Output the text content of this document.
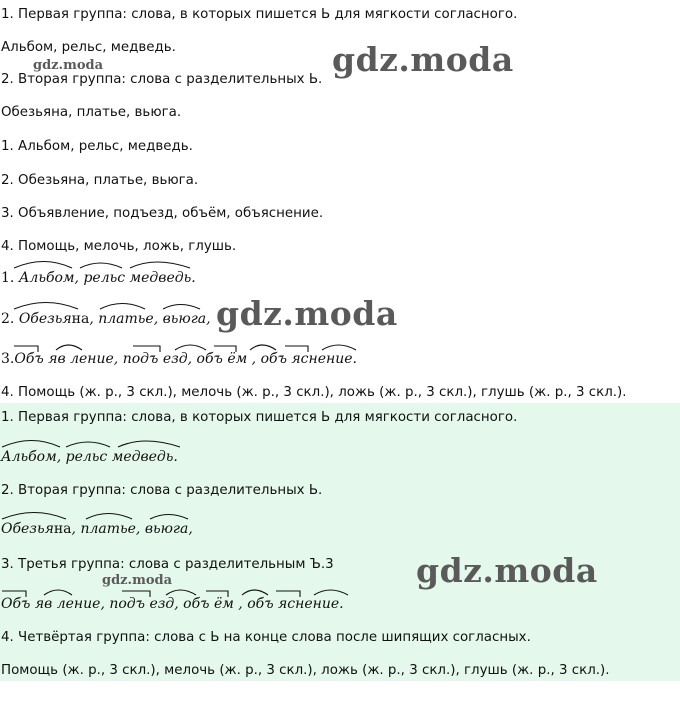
1. Первая группа: слова, в которых пишется Ь для мягкости согласного.
Альбом, рельс, медведь.
2. Вторая группа: слова с разделительных Ь.
Обезьяна, платье, вьюга.
1. Альбом, рельс, медведь.
2. Обезьяна, платье, вьюга.
3. Объявление, подъезд, объём, объяснение.
4. Помощь, мелочь, ложь, глушь.
1. Альбом, рельс медведь.
2. Обезьяна, платье, вьюга,
3.Объ яв ление, подъ езд, объ ём , объ яснение.
4. Помощь (ж. р., 3 скл.), мелочь (ж. р., 3 скл.), ложь (ж. р., 3 скл.), глушь (ж. р., 3 скл.).
1. Первая группа: слова, в которых пишется Ь для мягкости согласного.
Альбом, рельс медведь.
2. Вторая группа: слова с разделительных Ь.
Обезьяна, платье, вьюга,
3. Третья группа: слова с разделительным Ъ.3
Объ яв ление, подъ езд, объ ём , объ яснение.
4. Четвёртая группа: слова с Ь на конце слова после шипящих согласных.
Помощь (ж. р., 3 скл.), мелочь (ж. р., 3 скл.), ложь (ж. р., 3 скл.), глушь (ж. р., 3 скл.).
gdz.moda
gdz.moda
gdz.moda
gdz.moda
gdz.moda
